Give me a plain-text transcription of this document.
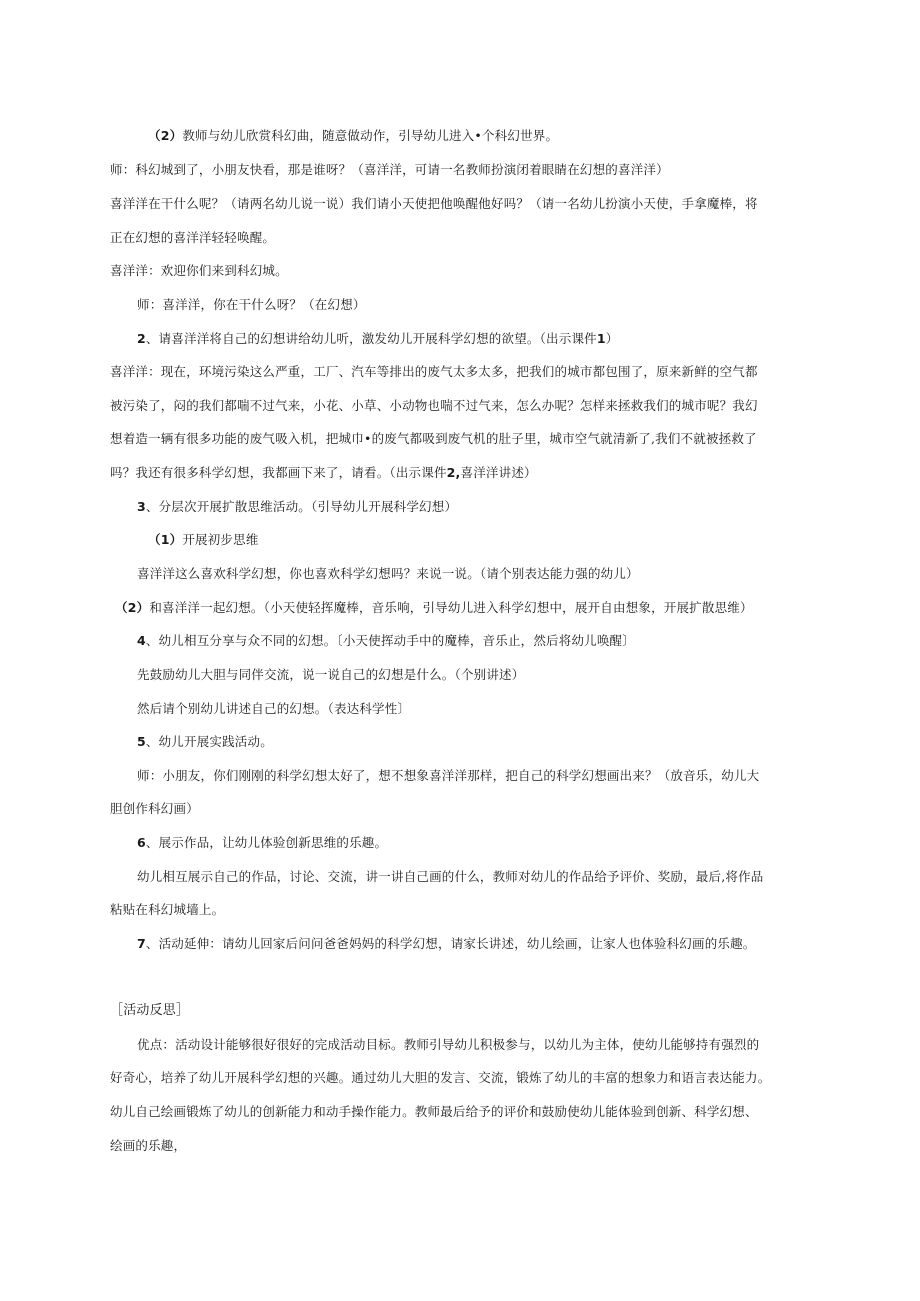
（2）教师与幼儿欣赏科幻曲，随意做动作，引导幼儿进入•个科幻世界。
师：科幻城到了，小朋友快看，那是谁呀？（喜洋洋，可请一名教师扮演闭着眼睛在幻想的喜洋洋）
喜洋洋在干什么呢？（请两名幼儿说一说）我们请小天使把他唤醒他好吗？（请一名幼儿扮演小天使，手拿魔棒，将
正在幻想的喜洋洋轻轻唤醒。
喜洋洋：欢迎你们来到科幻城。
师：喜洋洋，你在干什么呀？（在幻想）
2、请喜洋洋将自己的幻想讲给幼儿听，激发幼儿开展科学幻想的欲望。（出示课件1）
喜洋洋：现在，环境污染这么严重，工厂、汽车等排出的废气太多太多，把我们的城市都包围了，原来新鲜的空气都
被污染了，闷的我们都喘不过气来，小花、小草、小动物也喘不过气来，怎么办呢？怎样来拯救我们的城市呢？我幻
想着造一辆有很多功能的废气吸入机，把城巾•的废气都吸到废气机的肚子里，城市空气就清新了,我们不就被拯救了
吗？我还有很多科学幻想，我都画下来了，请看。（出示课件2,喜洋洋讲述）
3、分层次开展扩散思维活动。（引导幼儿开展科学幻想）
（1）开展初步思维
喜洋洋这么喜欢科学幻想，你也喜欢科学幻想吗？来说一说。（请个别表达能力强的幼儿）
（2）和喜洋洋一起幻想。（小天使轻挥魔棒，音乐响，引导幼儿进入科学幻想中，展开自由想象，开展扩散思维）
4、幼儿相互分享与众不同的幻想。〔小天使挥动手中的魔棒，音乐止，然后将幼儿唤醒〕
先鼓励幼儿大胆与同伴交流，说一说自己的幻想是什么。（个别讲述）
然后请个别幼儿讲述自己的幻想。（表达科学性〕
5、幼儿开展实践活动。
师：小朋友，你们刚刚的科学幻想太好了，想不想象喜洋洋那样，把自己的科学幻想画出来？（放音乐，幼儿大
胆创作科幻画）
6、展示作品，让幼儿体验创新思维的乐趣。
幼儿相互展示自己的作品，讨论、交流，讲一讲自己画的什么，教师对幼儿的作品给予评价、奖励，最后,将作品
粘贴在科幻城墙上。
7、活动延伸：请幼儿回家后问问爸爸妈妈的科学幻想，请家长讲述，幼儿绘画，让家人也体验科幻画的乐趣。
［活动反思］
优点：活动设计能够很好很好的完成活动目标。教师引导幼儿积极参与，以幼儿为主体，使幼儿能够持有强烈的
好奇心，培养了幼儿开展科学幻想的兴趣。通过幼儿大胆的发言、交流，锻炼了幼儿的丰富的想象力和语言表达能力。
幼儿自己绘画锻炼了幼儿的创新能力和动手操作能力。教师最后给予的评价和鼓励使幼儿能体验到创新、科学幻想、
绘画的乐趣，
